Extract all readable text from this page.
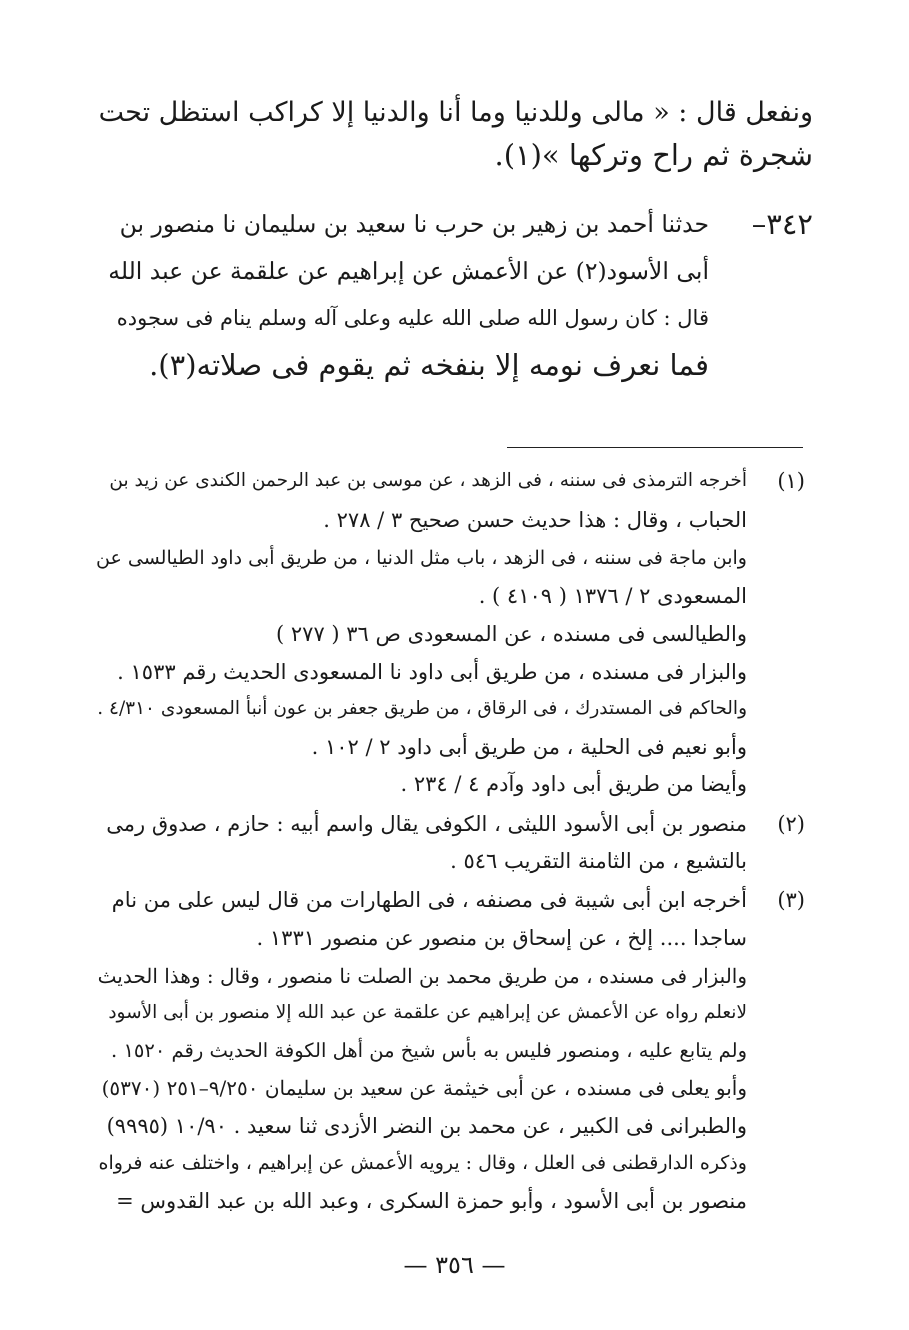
ونفعل قال : « مالى وللدنيا وما أنا والدنيا إلا كراكب استظل تحت
شجرة ثم راح وتركها »(١).
٣٤٢–
حدثنا أحمد بن زهير بن حرب نا سعيد بن سليمان نا منصور بن
أبى الأسود(٢) عن الأعمش عن إبراهيم عن علقمة عن عبد الله
قال : كان رسول الله صلى الله عليه وعلى آله وسلم ينام فى سجوده
فما نعرف نومه إلا بنفخه ثم يقوم فى صلاته(٣).
(١)
أخرجه الترمذى فى سننه ، فى الزهد ، عن موسى بن عبد الرحمن الكندى عن زيد بن
الحباب ، وقال : هذا حديث حسن صحيح ٣ / ٢٧٨ .
وابن ماجة فى سننه ، فى الزهد ، باب مثل الدنيا ، من طريق أبى داود الطيالسى عن
المسعودى ٢ / ١٣٧٦ ( ٤١٠٩ ) .
والطيالسى فى مسنده ، عن المسعودى ص ٣٦ ( ٢٧٧ )
والبزار فى مسنده ، من طريق أبى داود نا المسعودى الحديث رقم ١٥٣٣ .
والحاكم فى المستدرك ، فى الرقاق ، من طريق جعفر بن عون أنبأ المسعودى ٤/٣١٠ .
وأبو نعيم فى الحلية ، من طريق أبى داود ٢ / ١٠٢ .
وأيضا من طريق أبى داود وآدم ٤ / ٢٣٤ .
(٢)
منصور بن أبى الأسود الليثى ، الكوفى يقال واسم أبيه : حازم ، صدوق رمى
بالتشيع ، من الثامنة التقريب ٥٤٦ .
(٣)
أخرجه ابن أبى شيبة فى مصنفه ، فى الطهارات من قال ليس على من نام
ساجدا .... إلخ ، عن إسحاق بن منصور عن منصور ١٣٣١ .
والبزار فى مسنده ، من طريق محمد بن الصلت نا منصور ، وقال : وهذا الحديث
لانعلم رواه عن الأعمش عن إبراهيم عن علقمة عن عبد الله إلا منصور بن أبى الأسود
ولم يتابع عليه ، ومنصور فليس به بأس شيخ من أهل الكوفة الحديث رقم ١٥٢٠ .
وأبو يعلى فى مسنده ، عن أبى خيثمة عن سعيد بن سليمان ٩/٢٥٠–٢٥١ (٥٣٧٠)
والطبرانى فى الكبير ، عن محمد بن النضر الأزدى ثنا سعيد . ١٠/٩٠ (٩٩٩٥)
وذكره الدارقطنى فى العلل ، وقال : يرويه الأعمش عن إبراهيم ، واختلف عنه فرواه
منصور بن أبى الأسود ، وأبو حمزة السكرى ، وعبد الله بن عبد القدوس =
— ٣٥٦ —
